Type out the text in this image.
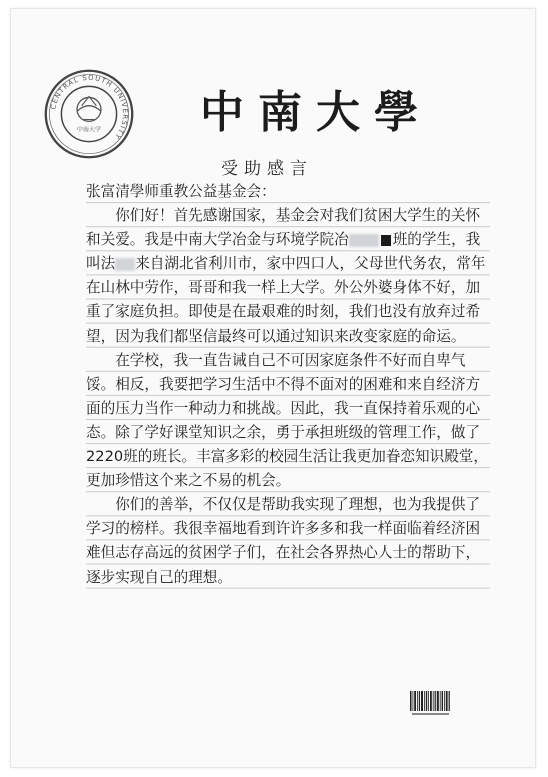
CENTRAL SOUTH UNIVERSITY
中南大学 中南大學
受助感言

张富清學师重教公益基金会：

你们好！首先感谢国家，基金会对我们贫困大学生的关怀和关爱。我是中南大学冶金与环境学院冶	班的学生，我叫法 来自湖北省利川市，家中四口人，父母世代务农，常年在山林中劳作，哥哥和我一样上大学。外公外婆身体不好，加重了家庭负担。即使是在最艰难的时刻，我们也没有放弃过希望，因为我们都坚信最终可以通过知识来改变家庭的命运。

在学校，我一直告诫自己不可因家庭条件不好而自卑气馁。相反，我要把学习生活中不得不面对的困难和来自经济方面的压力当作一种动力和挑战。因此，我一直保持着乐观的心态。除了学好课堂知识之余，勇于承担班级的管理工作，做了2220班的班长。丰富多彩的校园生活让我更加眷恋知识殿堂，更加珍惜这个来之不易的机会。

你们的善举，不仅仅是帮助我实现了理想，也为我提供了学习的榜样。我很幸福地看到许许多多和我一样面临着经济困难但志存高远的贫困学子们，在社会各界热心人士的帮助下，逐步实现自己的理想。
